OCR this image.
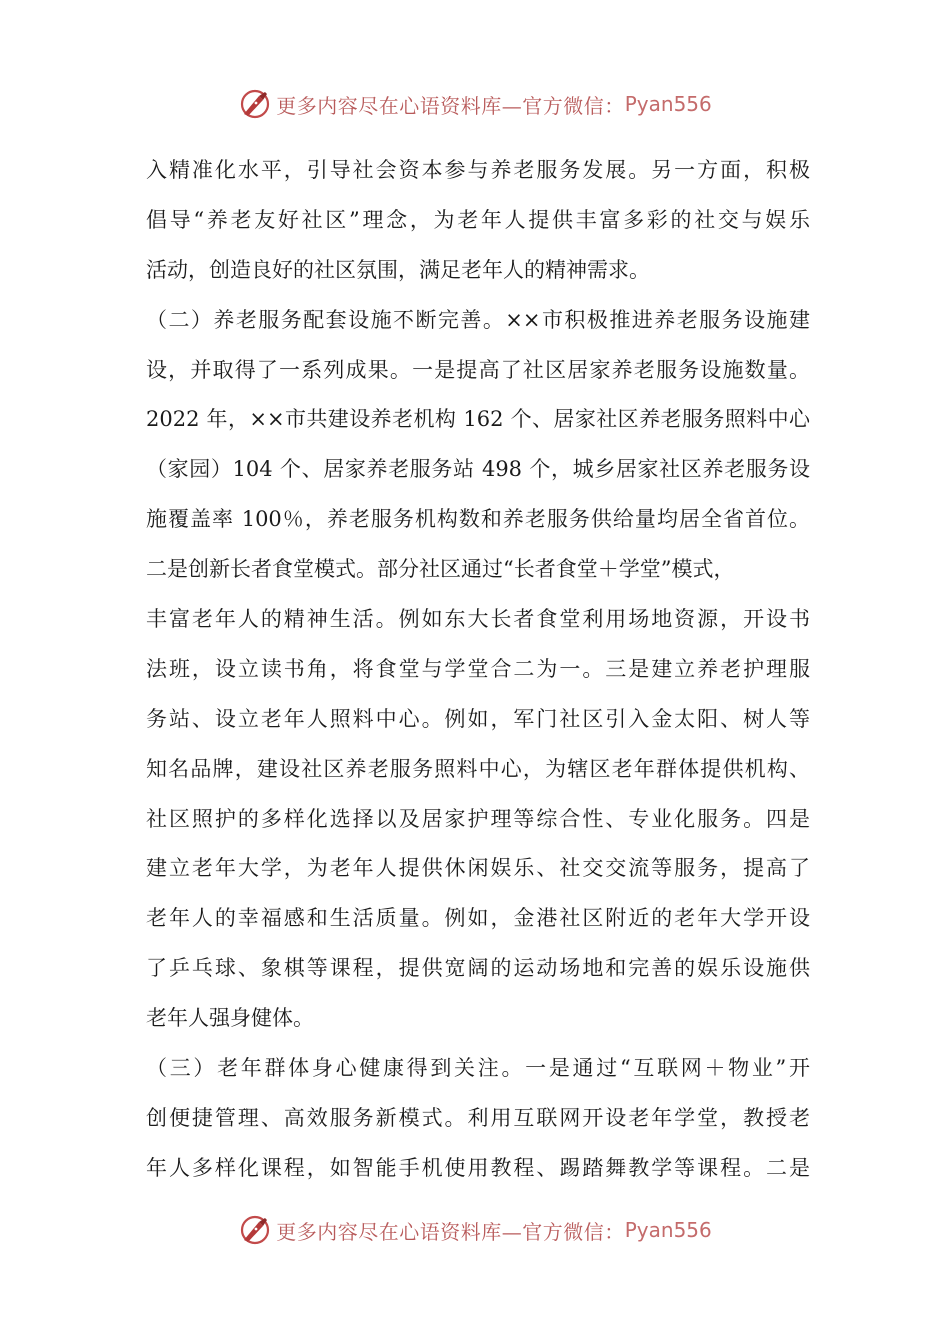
更多内容尽在心语资料库—官方微信： Pyan556
入精准化水平，引导社会资本参与养老服务发展。另一方面，积极
倡导“养老友好社区”理念，为老年人提供丰富多彩的社交与娱乐
活动，创造良好的社区氛围，满足老年人的精神需求。
（二）养老服务配套设施不断完善。××市积极推进养老服务设施建
设，并取得了一系列成果。一是提高了社区居家养老服务设施数量。
2022 年，××市共建设养老机构 162 个、居家社区养老服务照料中心
（家园）104 个、居家养老服务站 498 个，城乡居家社区养老服务设
施覆盖率 100％，养老服务机构数和养老服务供给量均居全省首位。
二是创新长者食堂模式。部分社区通过“长者食堂＋学堂”模式，
丰富老年人的精神生活。例如东大长者食堂利用场地资源，开设书
法班，设立读书角，将食堂与学堂合二为一。三是建立养老护理服
务站、设立老年人照料中心。例如，军门社区引入金太阳、树人等
知名品牌，建设社区养老服务照料中心，为辖区老年群体提供机构、
社区照护的多样化选择以及居家护理等综合性、专业化服务。四是
建立老年大学，为老年人提供休闲娱乐、社交交流等服务，提高了
老年人的幸福感和生活质量。例如，金港社区附近的老年大学开设
了乒乓球、象棋等课程，提供宽阔的运动场地和完善的娱乐设施供
老年人强身健体。
（三）老年群体身心健康得到关注。一是通过“互联网＋物业”开
创便捷管理、高效服务新模式。利用互联网开设老年学堂，教授老
年人多样化课程，如智能手机使用教程、踢踏舞教学等课程。二是
更多内容尽在心语资料库—官方微信： Pyan556
